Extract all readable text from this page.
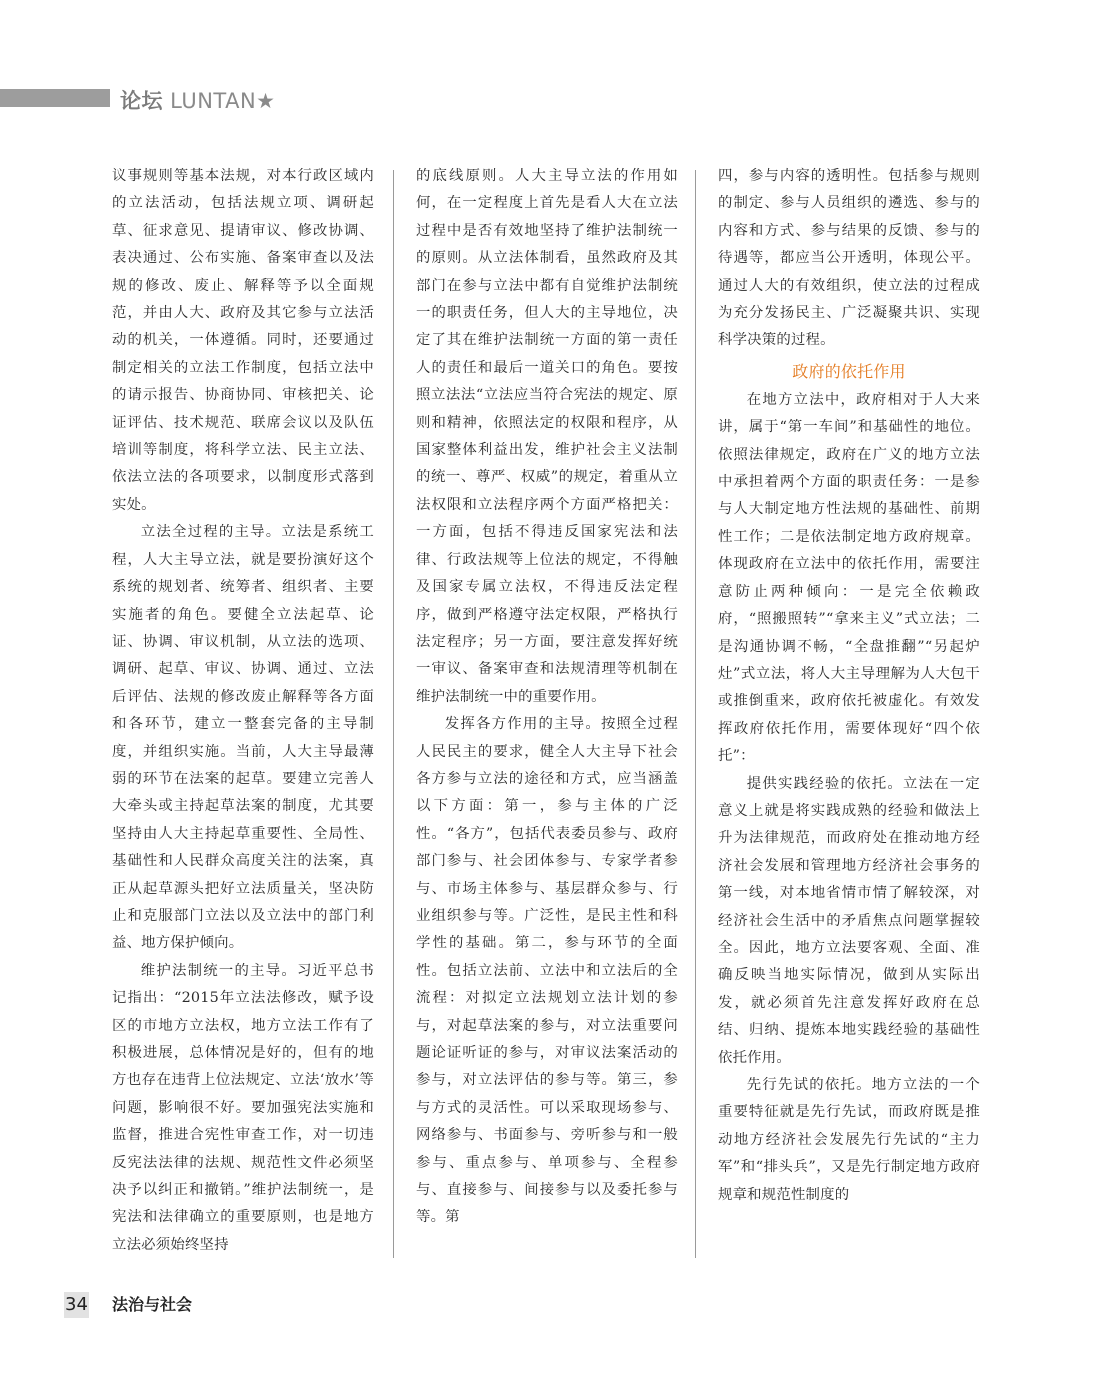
论坛 LUNTAN★

议事规则等基本法规，对本行政区域内的立法活动，包括法规立项、调研起草、征求意见、提请审议、修改协调、表决通过、公布实施、备案审查以及法规的修改、废止、解释等予以全面规范，并由人大、政府及其它参与立法活动的机关，一体遵循。同时，还要通过制定相关的立法工作制度，包括立法中的请示报告、协商协同、审核把关、论证评估、技术规范、联席会议以及队伍培训等制度，将科学立法、民主立法、依法立法的各项要求，以制度形式落到实处。

立法全过程的主导。立法是系统工程，人大主导立法，就是要扮演好这个系统的规划者、统筹者、组织者、主要实施者的角色。要健全立法起草、论证、协调、审议机制，从立法的选项、调研、起草、审议、协调、通过、立法后评估、法规的修改废止解释等各方面和各环节，建立一整套完备的主导制度，并组织实施。当前，人大主导最薄弱的环节在法案的起草。要建立完善人大牵头或主持起草法案的制度，尤其要坚持由人大主持起草重要性、全局性、基础性和人民群众高度关注的法案，真正从起草源头把好立法质量关，坚决防止和克服部门立法以及立法中的部门利益、地方保护倾向。

维护法制统一的主导。习近平总书记指出：“2015年立法法修改，赋予设区的市地方立法权，地方立法工作有了积极进展，总体情况是好的，但有的地方也存在违背上位法规定、立法‘放水’等问题，影响很不好。要加强宪法实施和监督，推进合宪性审查工作，对一切违反宪法法律的法规、规范性文件必须坚决予以纠正和撤销。”维护法制统一，是宪法和法律确立的重要原则，也是地方立法必须始终坚持

的底线原则。人大主导立法的作用如何，在一定程度上首先是看人大在立法过程中是否有效地坚持了维护法制统一的原则。从立法体制看，虽然政府及其部门在参与立法中都有自觉维护法制统一的职责任务，但人大的主导地位，决定了其在维护法制统一方面的第一责任人的责任和最后一道关口的角色。要按照立法法“立法应当符合宪法的规定、原则和精神，依照法定的权限和程序，从国家整体利益出发，维护社会主义法制的统一、尊严、权威”的规定，着重从立法权限和立法程序两个方面严格把关：一方面，包括不得违反国家宪法和法律、行政法规等上位法的规定，不得触及国家专属立法权，不得违反法定程序，做到严格遵守法定权限，严格执行法定程序；另一方面，要注意发挥好统一审议、备案审查和法规清理等机制在维护法制统一中的重要作用。

发挥各方作用的主导。按照全过程人民民主的要求，健全人大主导下社会各方参与立法的途径和方式，应当涵盖以下方面：第一，参与主体的广泛性。“各方”，包括代表委员参与、政府部门参与、社会团体参与、专家学者参与、市场主体参与、基层群众参与、行业组织参与等。广泛性，是民主性和科学性的基础。第二，参与环节的全面性。包括立法前、立法中和立法后的全流程：对拟定立法规划立法计划的参与，对起草法案的参与，对立法重要问题论证听证的参与，对审议法案活动的参与，对立法评估的参与等。第三，参与方式的灵活性。可以采取现场参与、网络参与、书面参与、旁听参与和一般参与、重点参与、单项参与、全程参与、直接参与、间接参与以及委托参与等。第

四，参与内容的透明性。包括参与规则的制定、参与人员组织的遴选、参与的内容和方式、参与结果的反馈、参与的待遇等，都应当公开透明，体现公平。通过人大的有效组织，使立法的过程成为充分发扬民主、广泛凝聚共识、实现科学决策的过程。

政府的依托作用

在地方立法中，政府相对于人大来讲，属于“第一车间”和基础性的地位。依照法律规定，政府在广义的地方立法中承担着两个方面的职责任务：一是参与人大制定地方性法规的基础性、前期性工作；二是依法制定地方政府规章。体现政府在立法中的依托作用，需要注意防止两种倾向：一是完全依赖政府，“照搬照转”“拿来主义”式立法；二是沟通协调不畅，“全盘推翻”“另起炉灶”式立法，将人大主导理解为人大包干或推倒重来，政府依托被虚化。有效发挥政府依托作用，需要体现好“四个依托”：

提供实践经验的依托。立法在一定意义上就是将实践成熟的经验和做法上升为法律规范，而政府处在推动地方经济社会发展和管理地方经济社会事务的第一线，对本地省情市情了解较深，对经济社会生活中的矛盾焦点问题掌握较全。因此，地方立法要客观、全面、准确反映当地实际情况，做到从实际出发，就必须首先注意发挥好政府在总结、归纳、提炼本地实践经验的基础性依托作用。

先行先试的依托。地方立法的一个重要特征就是先行先试，而政府既是推动地方经济社会发展先行先试的“主力军”和“排头兵”，又是先行制定地方政府规章和规范性制度的

34 法治与社会
